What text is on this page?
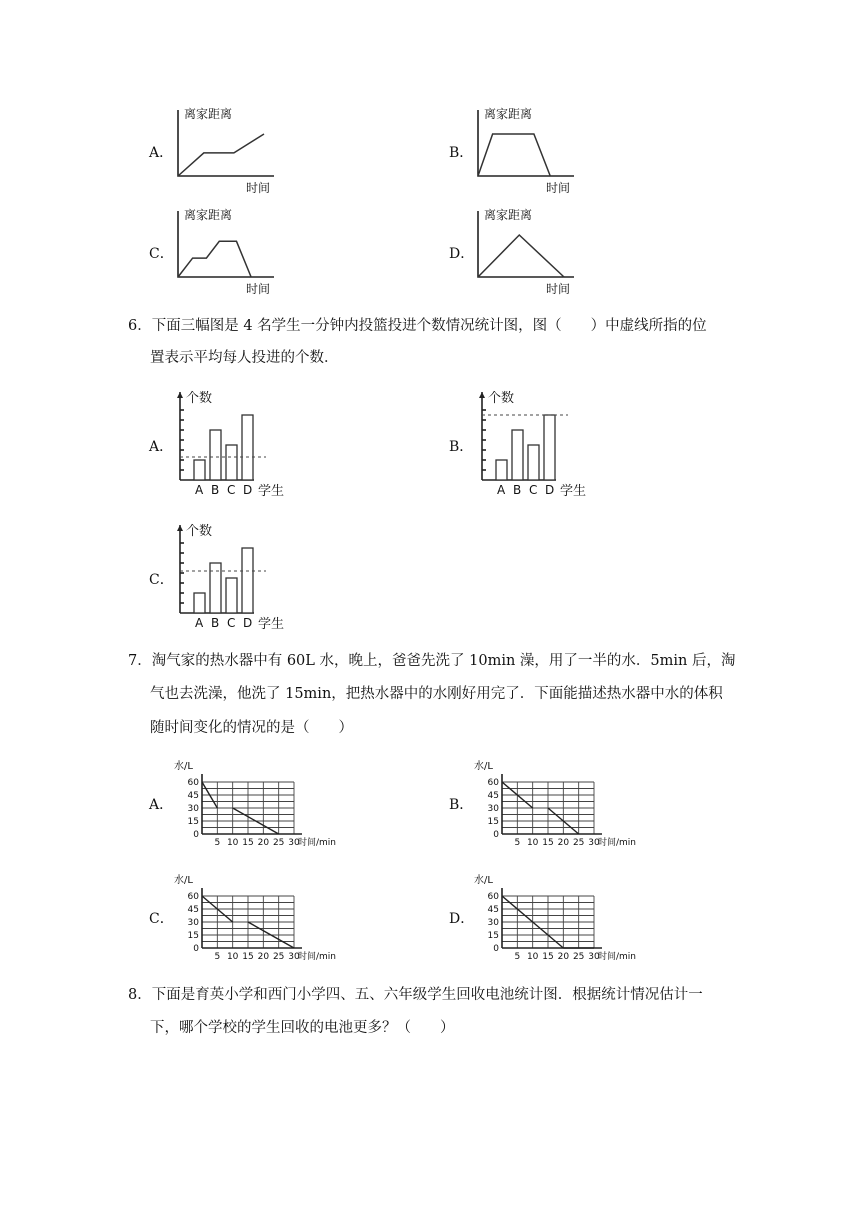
A．
离家距离
时间
B．
离家距离
时间
C．
离家距离
时间
D．
离家距离
时间
6．下面三幅图是 4 名学生一分钟内投篮投进个数情况统计图，图（　　）中虚线所指的位
置表示平均每人投进的个数．
A．
个数
A B C D 学生
B．
个数
A B C D 学生
C．
个数
A B C D 学生
7．淘气家的热水器中有 60L 水，晚上，爸爸先洗了 10min 澡，用了一半的水．5min 后，淘
气也去洗澡，他洗了 15min，把热水器中的水刚好用完了．下面能描述热水器中水的体积
随时间变化的情况的是（　　）
A．
水/L
60
45
30
15
0
5 10 15 20 25 30
时间/min
B．
水/L
60
45
30
15
0
5 10 15 20 25 30
时间/min
C．
水/L
60
45
30
15
0
5 10 15 20 25 30
时间/min
D．
水/L
60
45
30
15
0
5 10 15 20 25 30
时间/min
8．下面是育英小学和西门小学四、五、六年级学生回收电池统计图．根据统计情况估计一
下，哪个学校的学生回收的电池更多？（　　）
